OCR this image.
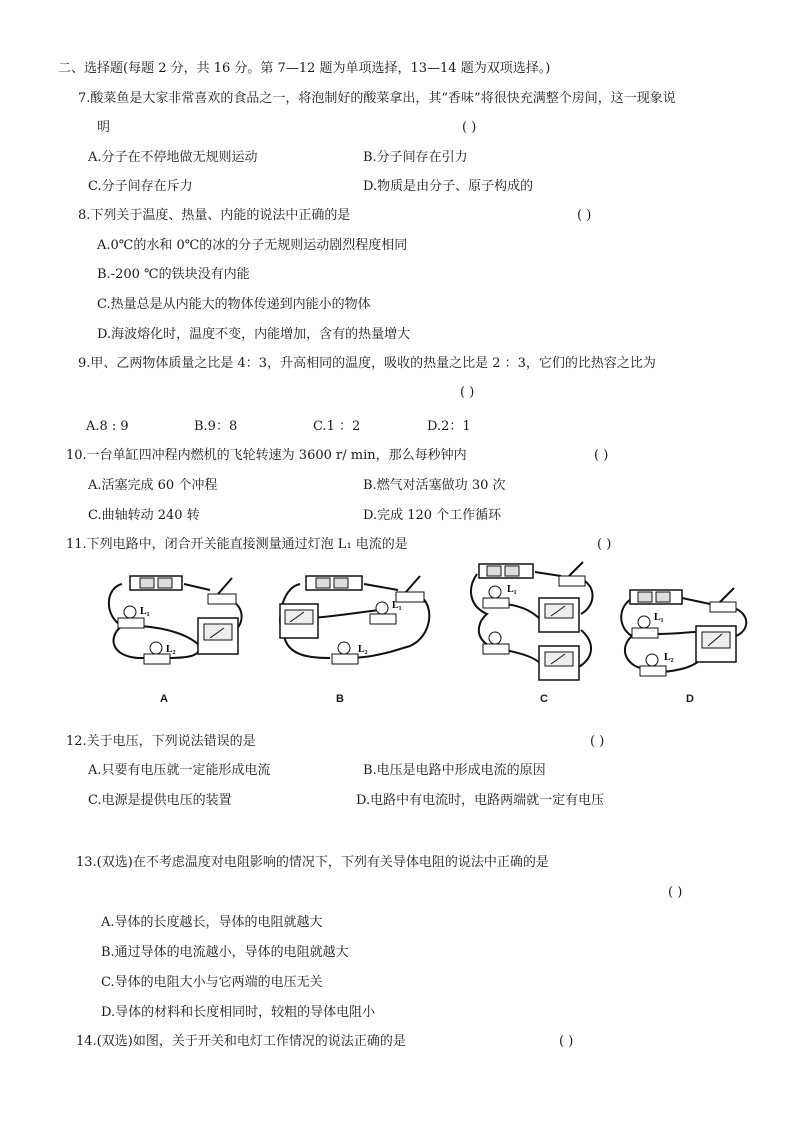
二、选择题(每题 2 分，共 16 分。第 7—12 题为单项选择，13—14 题为双项选择。)
7.酸菜鱼是大家非常喜欢的食品之一，将泡制好的酸菜拿出，其“香味”将很快充满整个房间，这一现象说
明	( )
A.分子在不停地做无规则运动	B.分子间存在引力
C.分子间存在斥力	D.物质是由分子、原子构成的
8.下列关于温度、热量、内能的说法中正确的是	( )
A.0℃的水和 0℃的冰的分子无规则运动剧烈程度相同
B.-200 ℃的铁块没有内能
C.热量总是从内能大的物体传递到内能小的物体
D.海波熔化时，温度不变，内能增加，含有的热量增大
9.甲、乙两物体质量之比是 4：3，升高相同的温度，吸收的热量之比是 2 ：3，它们的比热容之比为
( )
A.8 : 9	B.9：8	C.1 ：2	D.2：1
10.一台单缸四冲程内燃机的飞轮转速为 3600 r/ min，那么每秒钟内	( )
A.活塞完成 60 个冲程	B.燃气对活塞做功 30 次
C.曲轴转动 240 转	D.完成 120 个工作循环
11.下列电路中，闭合开关能直接测量通过灯泡 L₁ 电流的是	( )
L₁
L₂
A
L₁
L₂
B
L₁
C
L₁
L₂
D
12.关于电压，下列说法错误的是	( )
A.只要有电压就一定能形成电流	B.电压是电路中形成电流的原因
C.电源是提供电压的装置	D.电路中有电流时，电路两端就一定有电压
13.(双选)在不考虑温度对电阻影响的情况下，下列有关导体电阻的说法中正确的是
( )
A.导体的长度越长，导体的电阻就越大
B.通过导体的电流越小，导体的电阻就越大
C.导体的电阻大小与它两端的电压无关
D.导体的材料和长度相同时，较粗的导体电阻小
14.(双选)如图，关于开关和电灯工作情况的说法正确的是	( )
